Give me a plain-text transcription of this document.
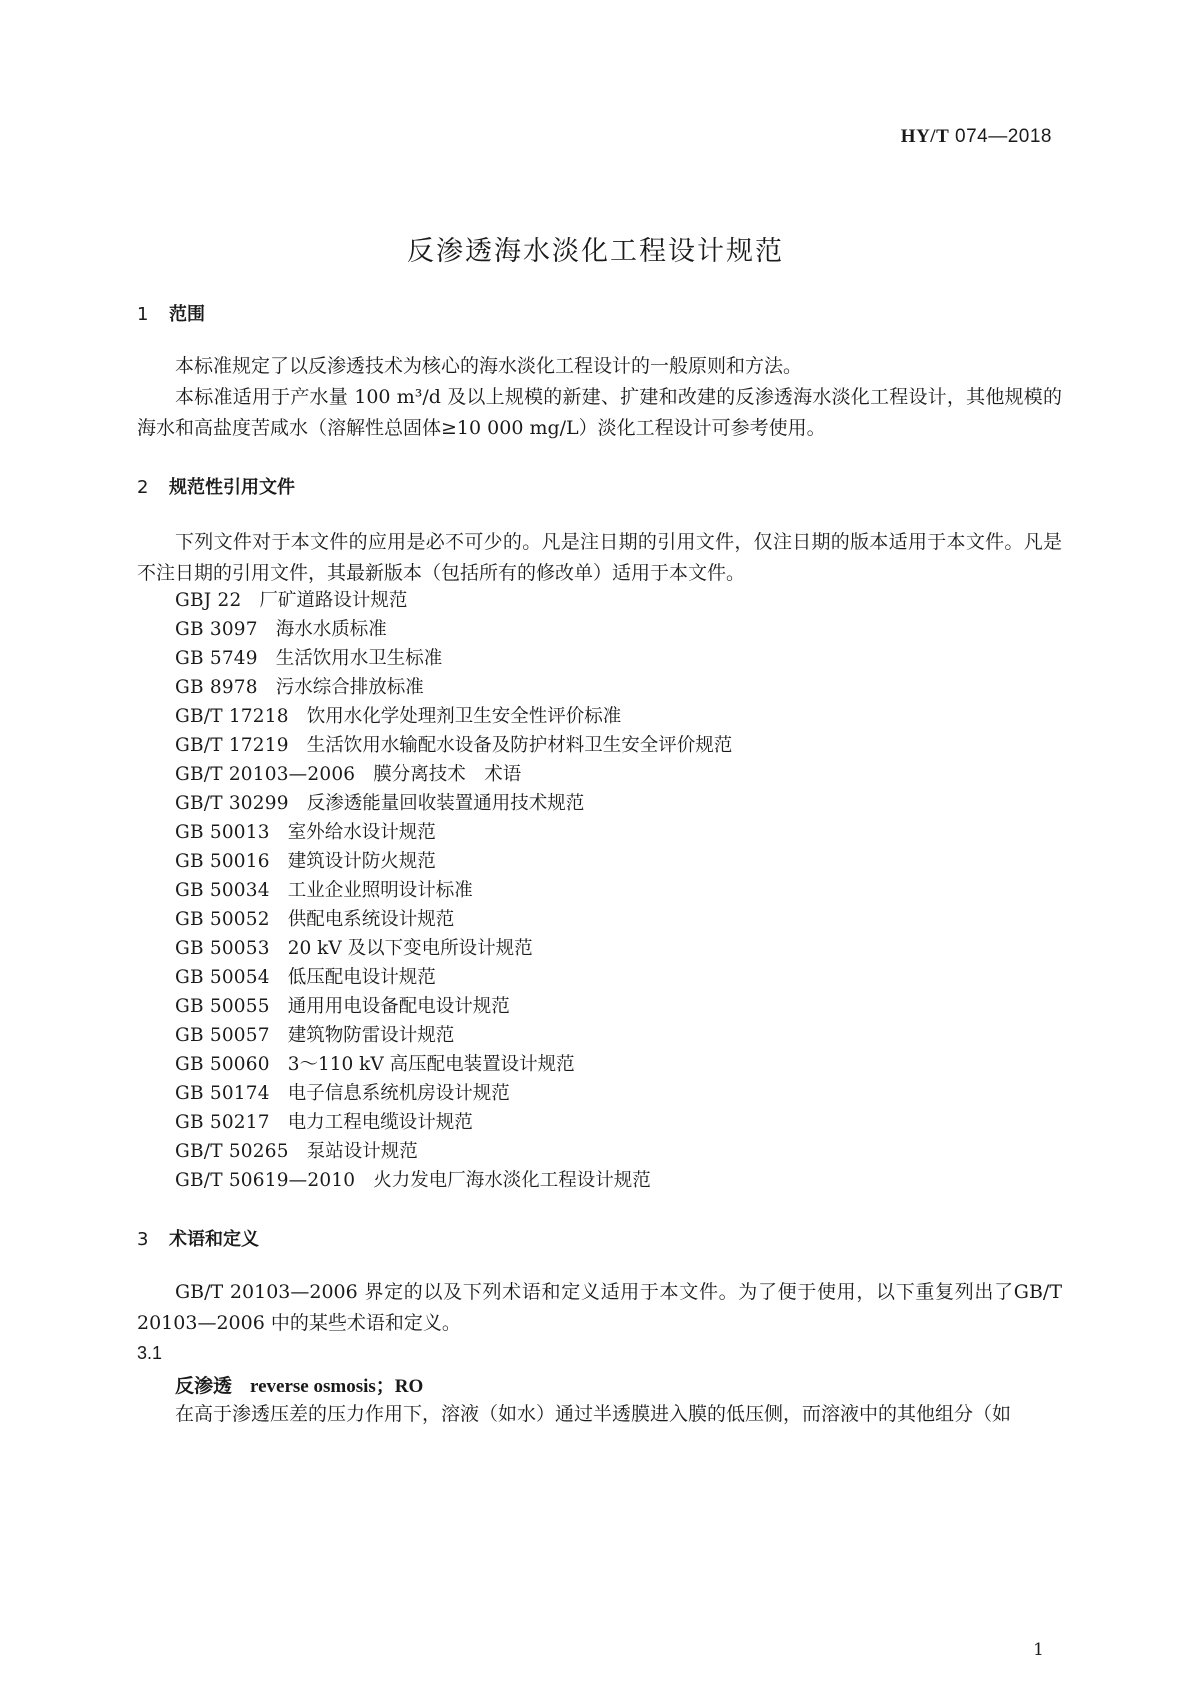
HY/T 074—2018
反渗透海水淡化工程设计规范
1 范围
本标准规定了以反渗透技术为核心的海水淡化工程设计的一般原则和方法。
本标准适用于产水量 100 m³/d 及以上规模的新建、扩建和改建的反渗透海水淡化工程设计，其他规模的海水和高盐度苦咸水（溶解性总固体≥10 000 mg/L）淡化工程设计可参考使用。
2 规范性引用文件
下列文件对于本文件的应用是必不可少的。凡是注日期的引用文件，仅注日期的版本适用于本文件。凡是不注日期的引用文件，其最新版本（包括所有的修改单）适用于本文件。
GBJ 22 厂矿道路设计规范
GB 3097 海水水质标准
GB 5749 生活饮用水卫生标准
GB 8978 污水综合排放标准
GB/T 17218 饮用水化学处理剂卫生安全性评价标准
GB/T 17219 生活饮用水输配水设备及防护材料卫生安全评价规范
GB/T 20103—2006 膜分离技术　术语
GB/T 30299 反渗透能量回收装置通用技术规范
GB 50013 室外给水设计规范
GB 50016 建筑设计防火规范
GB 50034 工业企业照明设计标准
GB 50052 供配电系统设计规范
GB 50053 20 kV 及以下变电所设计规范
GB 50054 低压配电设计规范
GB 50055 通用用电设备配电设计规范
GB 50057 建筑物防雷设计规范
GB 50060 3～110 kV 高压配电装置设计规范
GB 50174 电子信息系统机房设计规范
GB 50217 电力工程电缆设计规范
GB/T 50265 泵站设计规范
GB/T 50619—2010 火力发电厂海水淡化工程设计规范
3 术语和定义
GB/T 20103—2006 界定的以及下列术语和定义适用于本文件。为了便于使用，以下重复列出了GB/T 20103—2006 中的某些术语和定义。
3.1
反渗透 reverse osmosis；RO
在高于渗透压差的压力作用下，溶液（如水）通过半透膜进入膜的低压侧，而溶液中的其他组分（如
1
